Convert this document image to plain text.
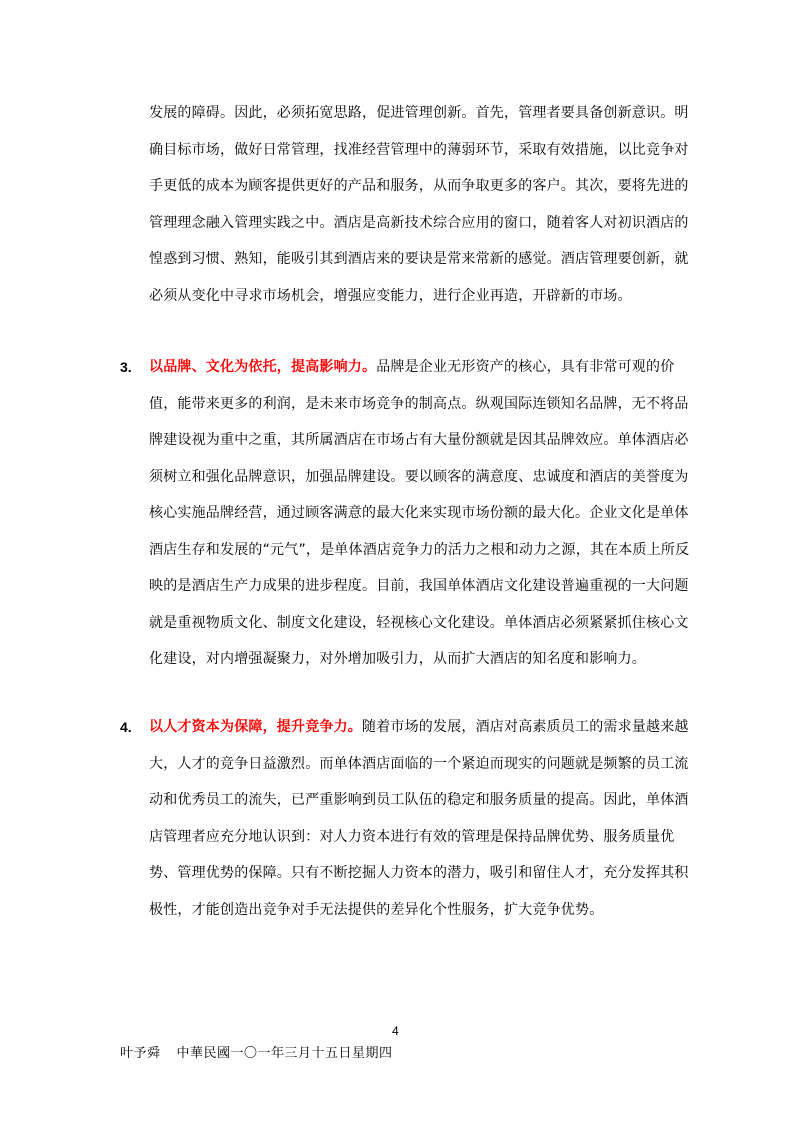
发展的障碍。因此，必须拓宽思路，促进管理创新。首先，管理者要具备创新意识。明确目标市场，做好日常管理，找准经营管理中的薄弱环节，采取有效措施，以比竞争对手更低的成本为顾客提供更好的产品和服务，从而争取更多的客户。其次，要将先进的管理理念融入管理实践之中。酒店是高新技术综合应用的窗口，随着客人对初识酒店的惶惑到习惯、熟知，能吸引其到酒店来的要诀是常来常新的感觉。酒店管理要创新，就必须从变化中寻求市场机会，增强应变能力，进行企业再造，开辟新的市场。
3. 以品牌、文化为依托，提高影响力。品牌是企业无形资产的核心，具有非常可观的价值，能带来更多的利润，是未来市场竞争的制高点。纵观国际连锁知名品牌，无不将品牌建设视为重中之重，其所属酒店在市场占有大量份额就是因其品牌效应。单体酒店必须树立和强化品牌意识，加强品牌建设。要以顾客的满意度、忠诚度和酒店的美誉度为核心实施品牌经营，通过顾客满意的最大化来实现市场份额的最大化。企业文化是单体酒店生存和发展的“元气”，是单体酒店竞争力的活力之根和动力之源，其在本质上所反映的是酒店生产力成果的进步程度。目前，我国单体酒店文化建设普遍重视的一大问题就是重视物质文化、制度文化建设，轻视核心文化建设。单体酒店必须紧紧抓住核心文化建设，对内增强凝聚力，对外增加吸引力，从而扩大酒店的知名度和影响力。
4. 以人才资本为保障，提升竞争力。随着市场的发展，酒店对高素质员工的需求量越来越大，人才的竞争日益激烈。而单体酒店面临的一个紧迫而现实的问题就是频繁的员工流动和优秀员工的流失，已严重影响到员工队伍的稳定和服务质量的提高。因此，单体酒店管理者应充分地认识到：对人力资本进行有效的管理是保持品牌优势、服务质量优势、管理优势的保障。只有不断挖掘人力资本的潜力，吸引和留住人才，充分发挥其积极性，才能创造出竞争对手无法提供的差异化个性服务，扩大竞争优势。
4
叶予舜 中華民國一〇一年三月十五日星期四
